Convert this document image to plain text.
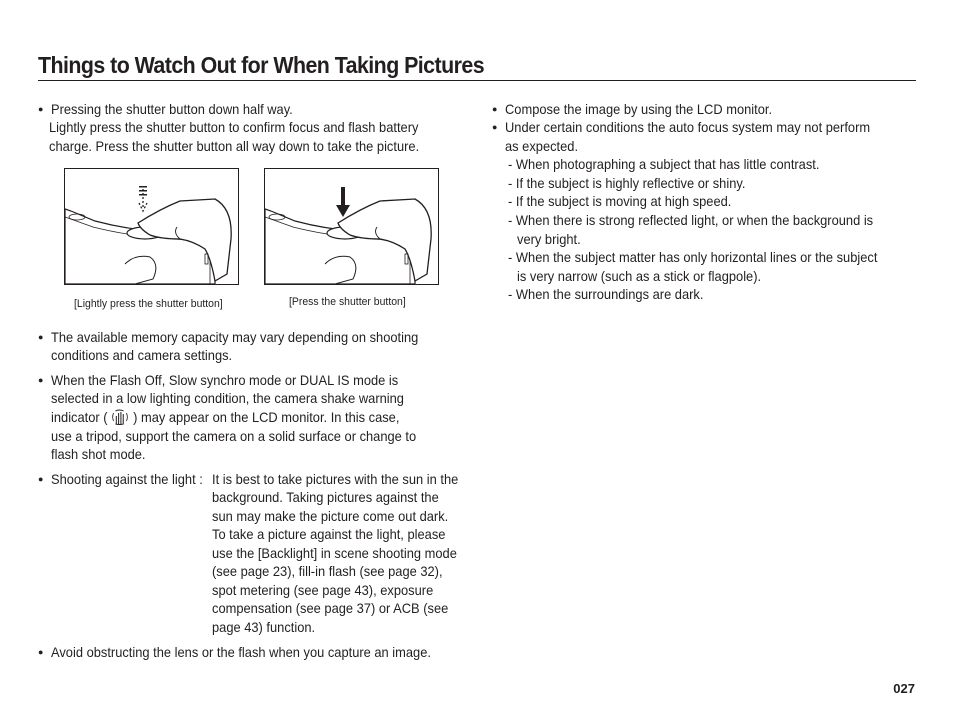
Things to Watch Out for When Taking Pictures
● Pressing the shutter button down half way.
Lightly press the shutter button to confirm focus and flash battery
charge. Press the shutter button all way down to take the picture.
[Lightly press the shutter button]	[Press the shutter button]
● The available memory capacity may vary depending on shooting
conditions and camera settings.
● When the Flash Off, Slow synchro mode or DUAL IS mode is
selected in a low lighting condition, the camera shake warning
indicator ( ) may appear on the LCD monitor. In this case,
use a tripod, support the camera on a solid surface or change to
flash shot mode.
● Shooting against the light : It is best to take pictures with the sun in the
background. Taking pictures against the
sun may make the picture come out dark.
To take a picture against the light, please
use the [Backlight] in scene shooting mode
(see page 23), fill-in flash (see page 32),
spot metering (see page 43), exposure
compensation (see page 37) or ACB (see
page 43) function.
● Avoid obstructing the lens or the flash when you capture an image.
● Compose the image by using the LCD monitor.
● Under certain conditions the auto focus system may not perform
as expected.
- When photographing a subject that has little contrast.
- If the subject is highly reflective or shiny.
- If the subject is moving at high speed.
- When there is strong reflected light, or when the background is
very bright.
- When the subject matter has only horizontal lines or the subject
is very narrow (such as a stick or flagpole).
- When the surroundings are dark.
027
